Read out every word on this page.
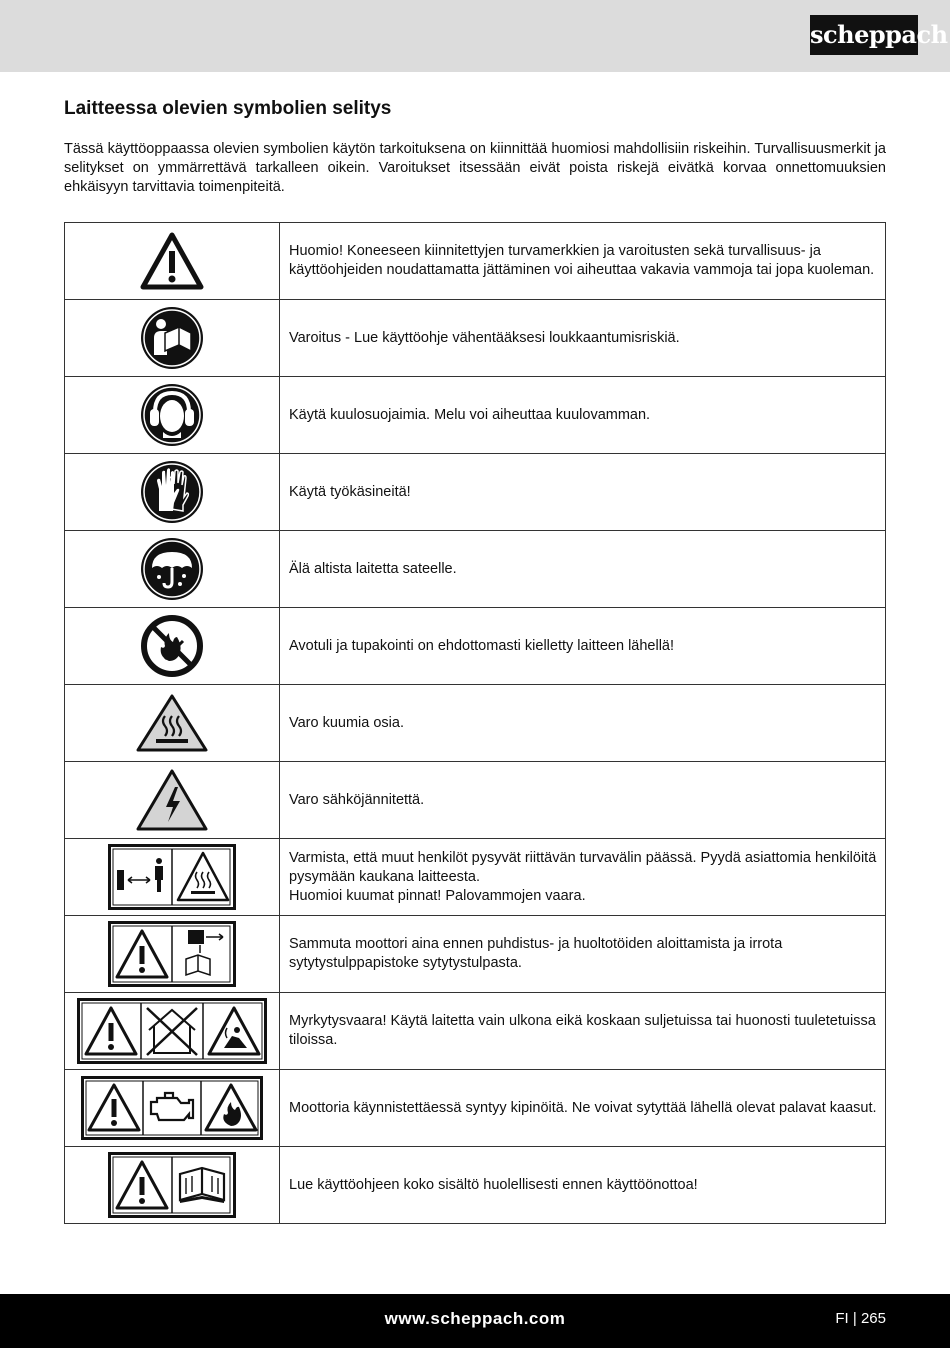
scheppach
Laitteessa olevien symbolien selitys

Tässä käyttöoppaassa olevien symbolien käytön tarkoituksena on kiinnittää huomiosi mahdollisiin riskeihin. Turvallisuusmerkit ja selitykset on ymmärrettävä tarkalleen oikein. Varoitukset itsessään eivät poista riskejä eivätkä korvaa onnettomuuksien ehkäisyyn tarvittavia toimenpiteitä.

	Huomio! Koneeseen kiinnitettyjen turvamerkkien ja varoitusten sekä turvallisuus- ja käyttöohjeiden noudattamatta jättäminen voi aiheuttaa vakavia vammoja tai jopa kuoleman.

	Varoitus - Lue käyttöohje vähentääksesi loukkaantumisriskiä.

	Käytä kuulosuojaimia. Melu voi aiheuttaa kuulovamman.

	Käytä työkäsineitä!

	Älä altista laitetta sateelle.

	Avotuli ja tupakointi on ehdottomasti kielletty laitteen lähellä!

	Varo kuumia osia.

	Varo sähköjännitettä.

	Varmista, että muut henkilöt pysyvät riittävän turvavälin päässä. Pyydä asiattomia henkilöitä pysymään kaukana laitteesta.
Huomioi kuumat pinnat! Palovammojen vaara.

	Sammuta moottori aina ennen puhdistus- ja huoltotöiden aloittamista ja irrota sytytystulppapistoke sytytystulpasta.

	Myrkytysvaara! Käytä laitetta vain ulkona eikä koskaan suljetuissa tai huonosti tuuletetuissa tiloissa.

	Moottoria käynnistettäessä syntyy kipinöitä. Ne voivat sytyttää lähellä olevat palavat kaasut.

	Lue käyttöohjeen koko sisältö huolellisesti ennen käyttöönottoa!
www.scheppach.com	FI | 265
